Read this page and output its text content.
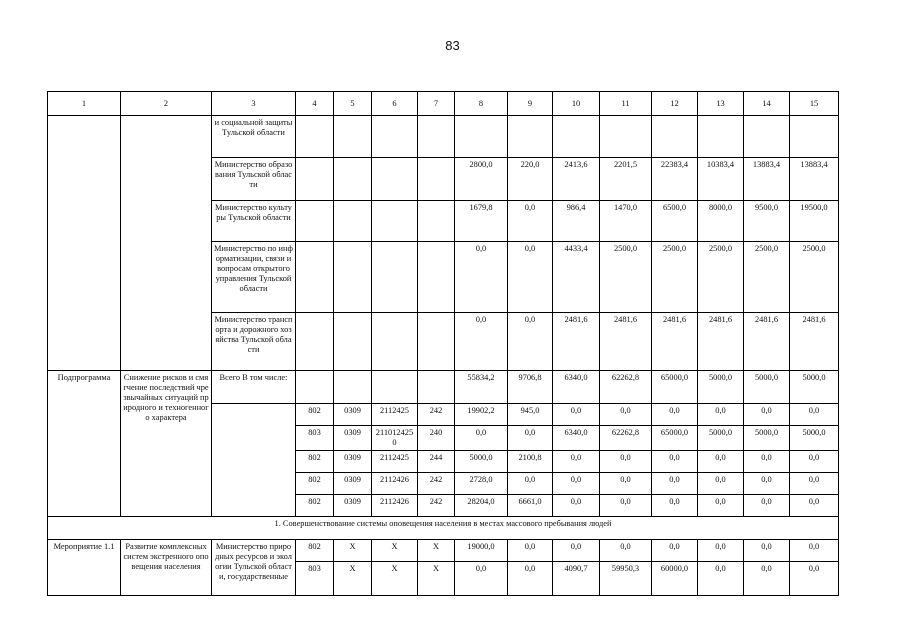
83
1	2	3	4	5	6	7	8	9	10	11	12	13	14	15
		и социальной защиты Тульской области												
		Министерство образования Тульской области					2800,0	220,0	2413,6	2201,5	22383,4	10383,4	13883,4	13883,4
		Министерство культуры Тульской области					1679,8	0,0	986,4	1470,0	6500,0	8000,0	9500,0	19500,0
		Министерство по информатизации, связи и вопросам открытого управления Тульской области					0,0	0,0	4433,4	2500,0	2500,0	2500,0	2500,0	2500,0
		Министерство транспорта и дорожного хозяйства Тульской области					0,0	0,0	2481,6	2481,6	2481,6	2481,6	2481,6	2481,6
Подпрограмма	Снижение рисков и смягчение последствий чрезвычайных ситуаций природного и техногенного характера	Всего В том числе:					55834,2	9706,8	6340,0	62262,8	65000,0	5000,0	5000,0	5000,0
			802	0309	2112425	242	19902,2	945,0	0,0	0,0	0,0	0,0	0,0	0,0
			803	0309	2110124250	240	0,0	0,0	6340,0	62262,8	65000,0	5000,0	5000,0	5000,0
			802	0309	2112425	244	5000,0	2100,8	0,0	0,0	0,0	0,0	0,0	0,0
			802	0309	2112426	242	2728,0	0,0	0,0	0,0	0,0	0,0	0,0	0,0
			802	0309	2112426	242	28204,0	6661,0	0,0	0,0	0,0	0,0	0,0	0,0
1. Совершенствование системы оповещения населения в местах массового пребывания людей														
Мероприятие 1.1	Развитие комплексных систем экстренного оповещения населения	Министерство природных ресурсов и экологии Тульской области, государственные	802	X	X	X	19000,0	0,0	0,0	0,0	0,0	0,0	0,0	0,0
			803	X	X	X	0,0	0,0	4090,7	59950,3	60000,0	0,0	0,0	0,0
